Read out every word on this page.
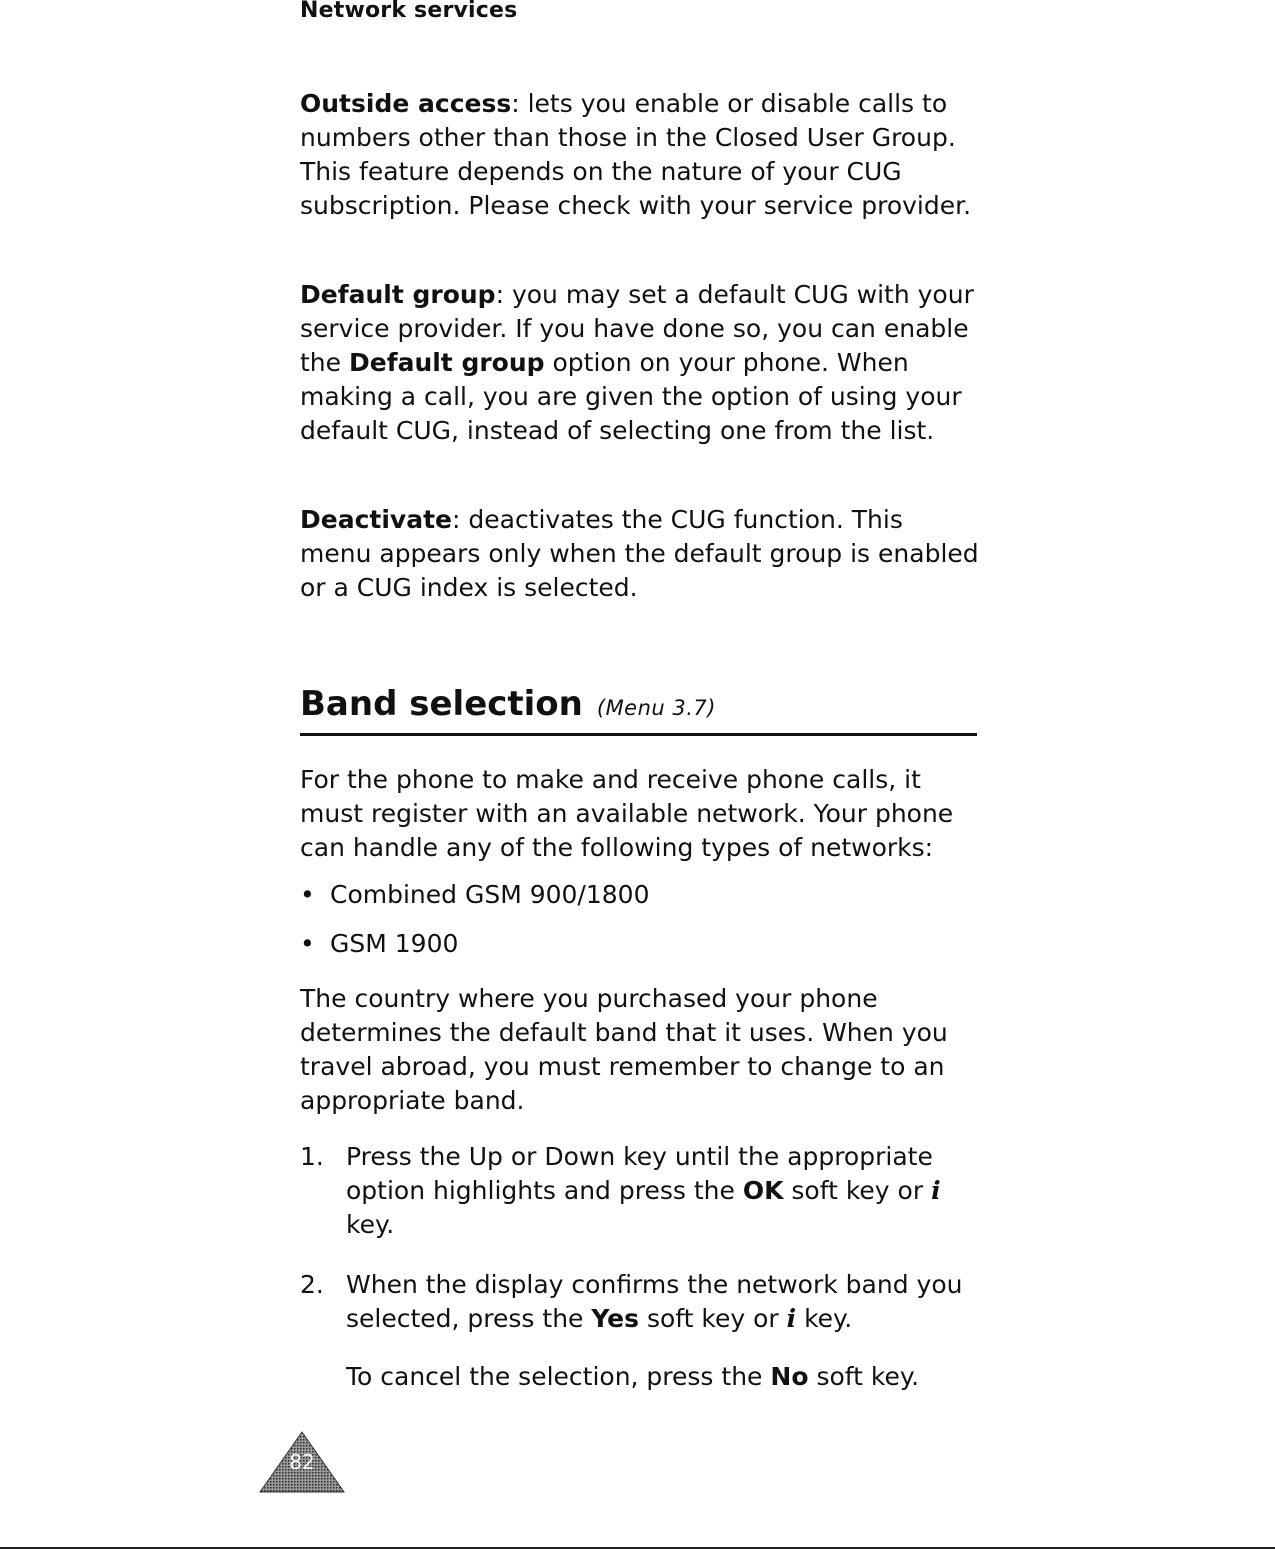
Network services

Outside access: lets you enable or disable calls to numbers other than those in the Closed User Group. This feature depends on the nature of your CUG subscription. Please check with your service provider.

Default group: you may set a default CUG with your service provider. If you have done so, you can enable the Default group option on your phone. When making a call, you are given the option of using your default CUG, instead of selecting one from the list.

Deactivate: deactivates the CUG function. This menu appears only when the default group is enabled or a CUG index is selected.

Band selection (Menu 3.7)

For the phone to make and receive phone calls, it must register with an available network. Your phone can handle any of the following types of networks:

• Combined GSM 900/1800

• GSM 1900

The country where you purchased your phone determines the default band that it uses. When you travel abroad, you must remember to change to an appropriate band.

1. Press the Up or Down key until the appropriate option highlights and press the OK soft key or i key.

2. When the display confirms the network band you selected, press the Yes soft key or i key.

To cancel the selection, press the No soft key.

82
